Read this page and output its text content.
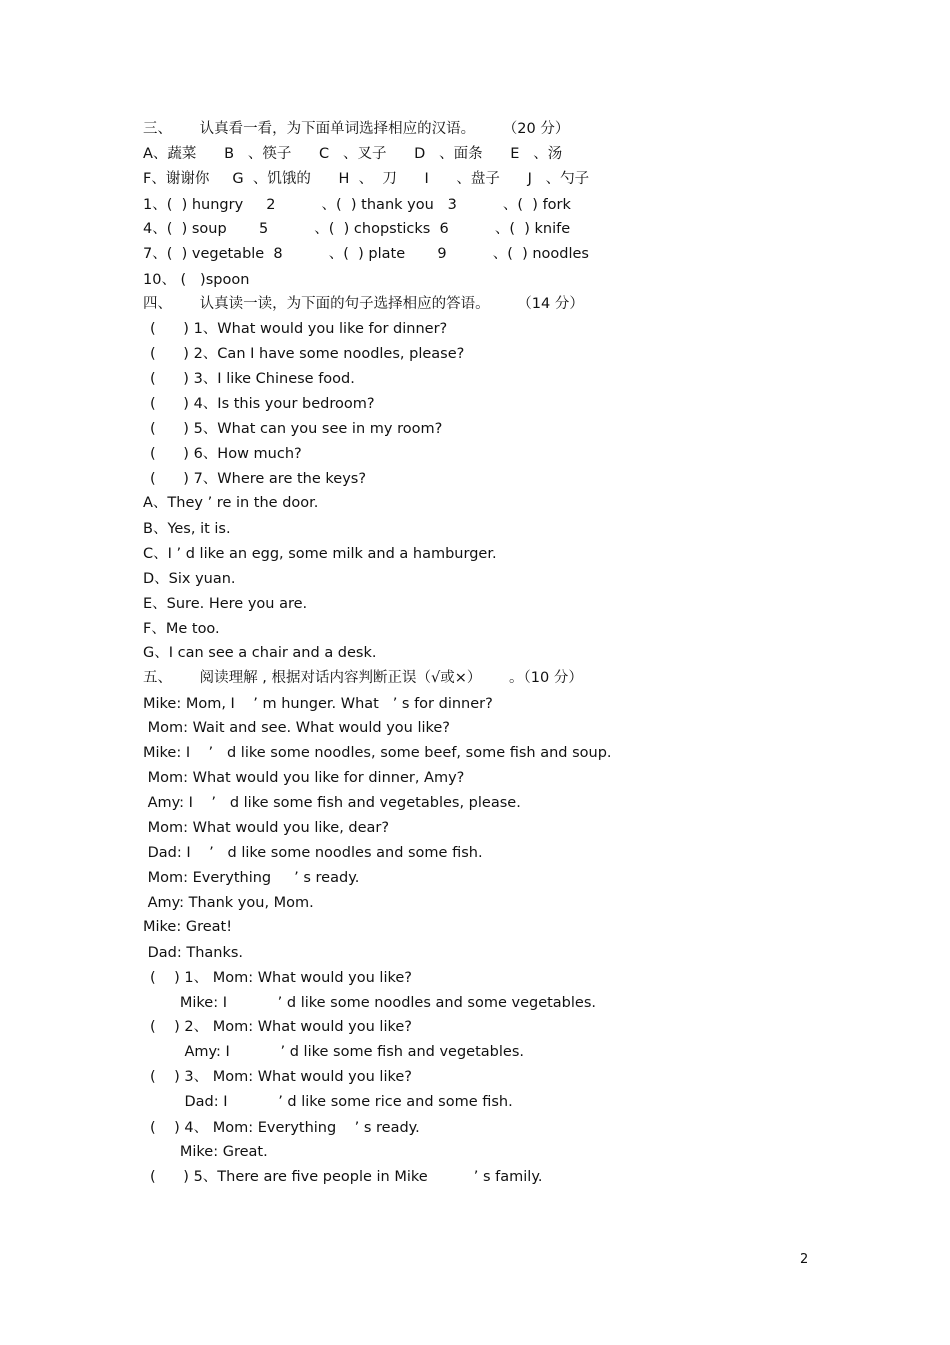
三、      认真看一看，为下面单词选择相应的汉语。      （20 分）
A、蔬菜      B   、筷子      C   、叉子      D   、面条      E   、汤
F、谢谢你     G  、饥饿的      H  、  刀      I      、盘子      J   、勺子
1、(  ) hungry     2          、(  ) thank you   3          、(  ) fork
4、(  ) soup       5          、(  ) chopsticks  6          、(  ) knife
7、(  ) vegetable  8          、(  ) plate       9          、(  ) noodles
10、 (   )spoon
四、      认真读一读，为下面的句子选择相应的答语。      （14 分）
(      ) 1、What would you like for dinner?
(      ) 2、Can I have some noodles, please?
(      ) 3、I like Chinese food.
(      ) 4、Is this your bedroom?
(      ) 5、What can you see in my room?
(      ) 6、How much?
(      ) 7、Where are the keys?
A、They ’ re in the door.
B、Yes, it is.
C、I ’ d like an egg, some milk and a hamburger.
D、Six yuan.
E、Sure. Here you are.
F、Me too.
G、I can see a chair and a desk.
五、      阅读理解 , 根据对话内容判断正误（√或×）      。（10 分）
Mike: Mom, I    ’ m hunger. What   ’ s for dinner?
Mom: Wait and see. What would you like?
Mike: I    ’   d like some noodles, some beef, some fish and soup.
Mom: What would you like for dinner, Amy?
Amy: I    ’   d like some fish and vegetables, please.
Mom: What would you like, dear?
Dad: I    ’   d like some noodles and some fish.
Mom: Everything     ’ s ready.
Amy: Thank you, Mom.
Mike: Great!
Dad: Thanks.
(    ) 1、 Mom: What would you like?
Mike: I           ’ d like some noodles and some vegetables.
(    ) 2、 Mom: What would you like?
Amy: I           ’ d like some fish and vegetables.
(    ) 3、 Mom: What would you like?
Dad: I           ’ d like some rice and some fish.
(    ) 4、 Mom: Everything    ’ s ready.
Mike: Great.
(      ) 5、There are five people in Mike          ’ s family.
2
